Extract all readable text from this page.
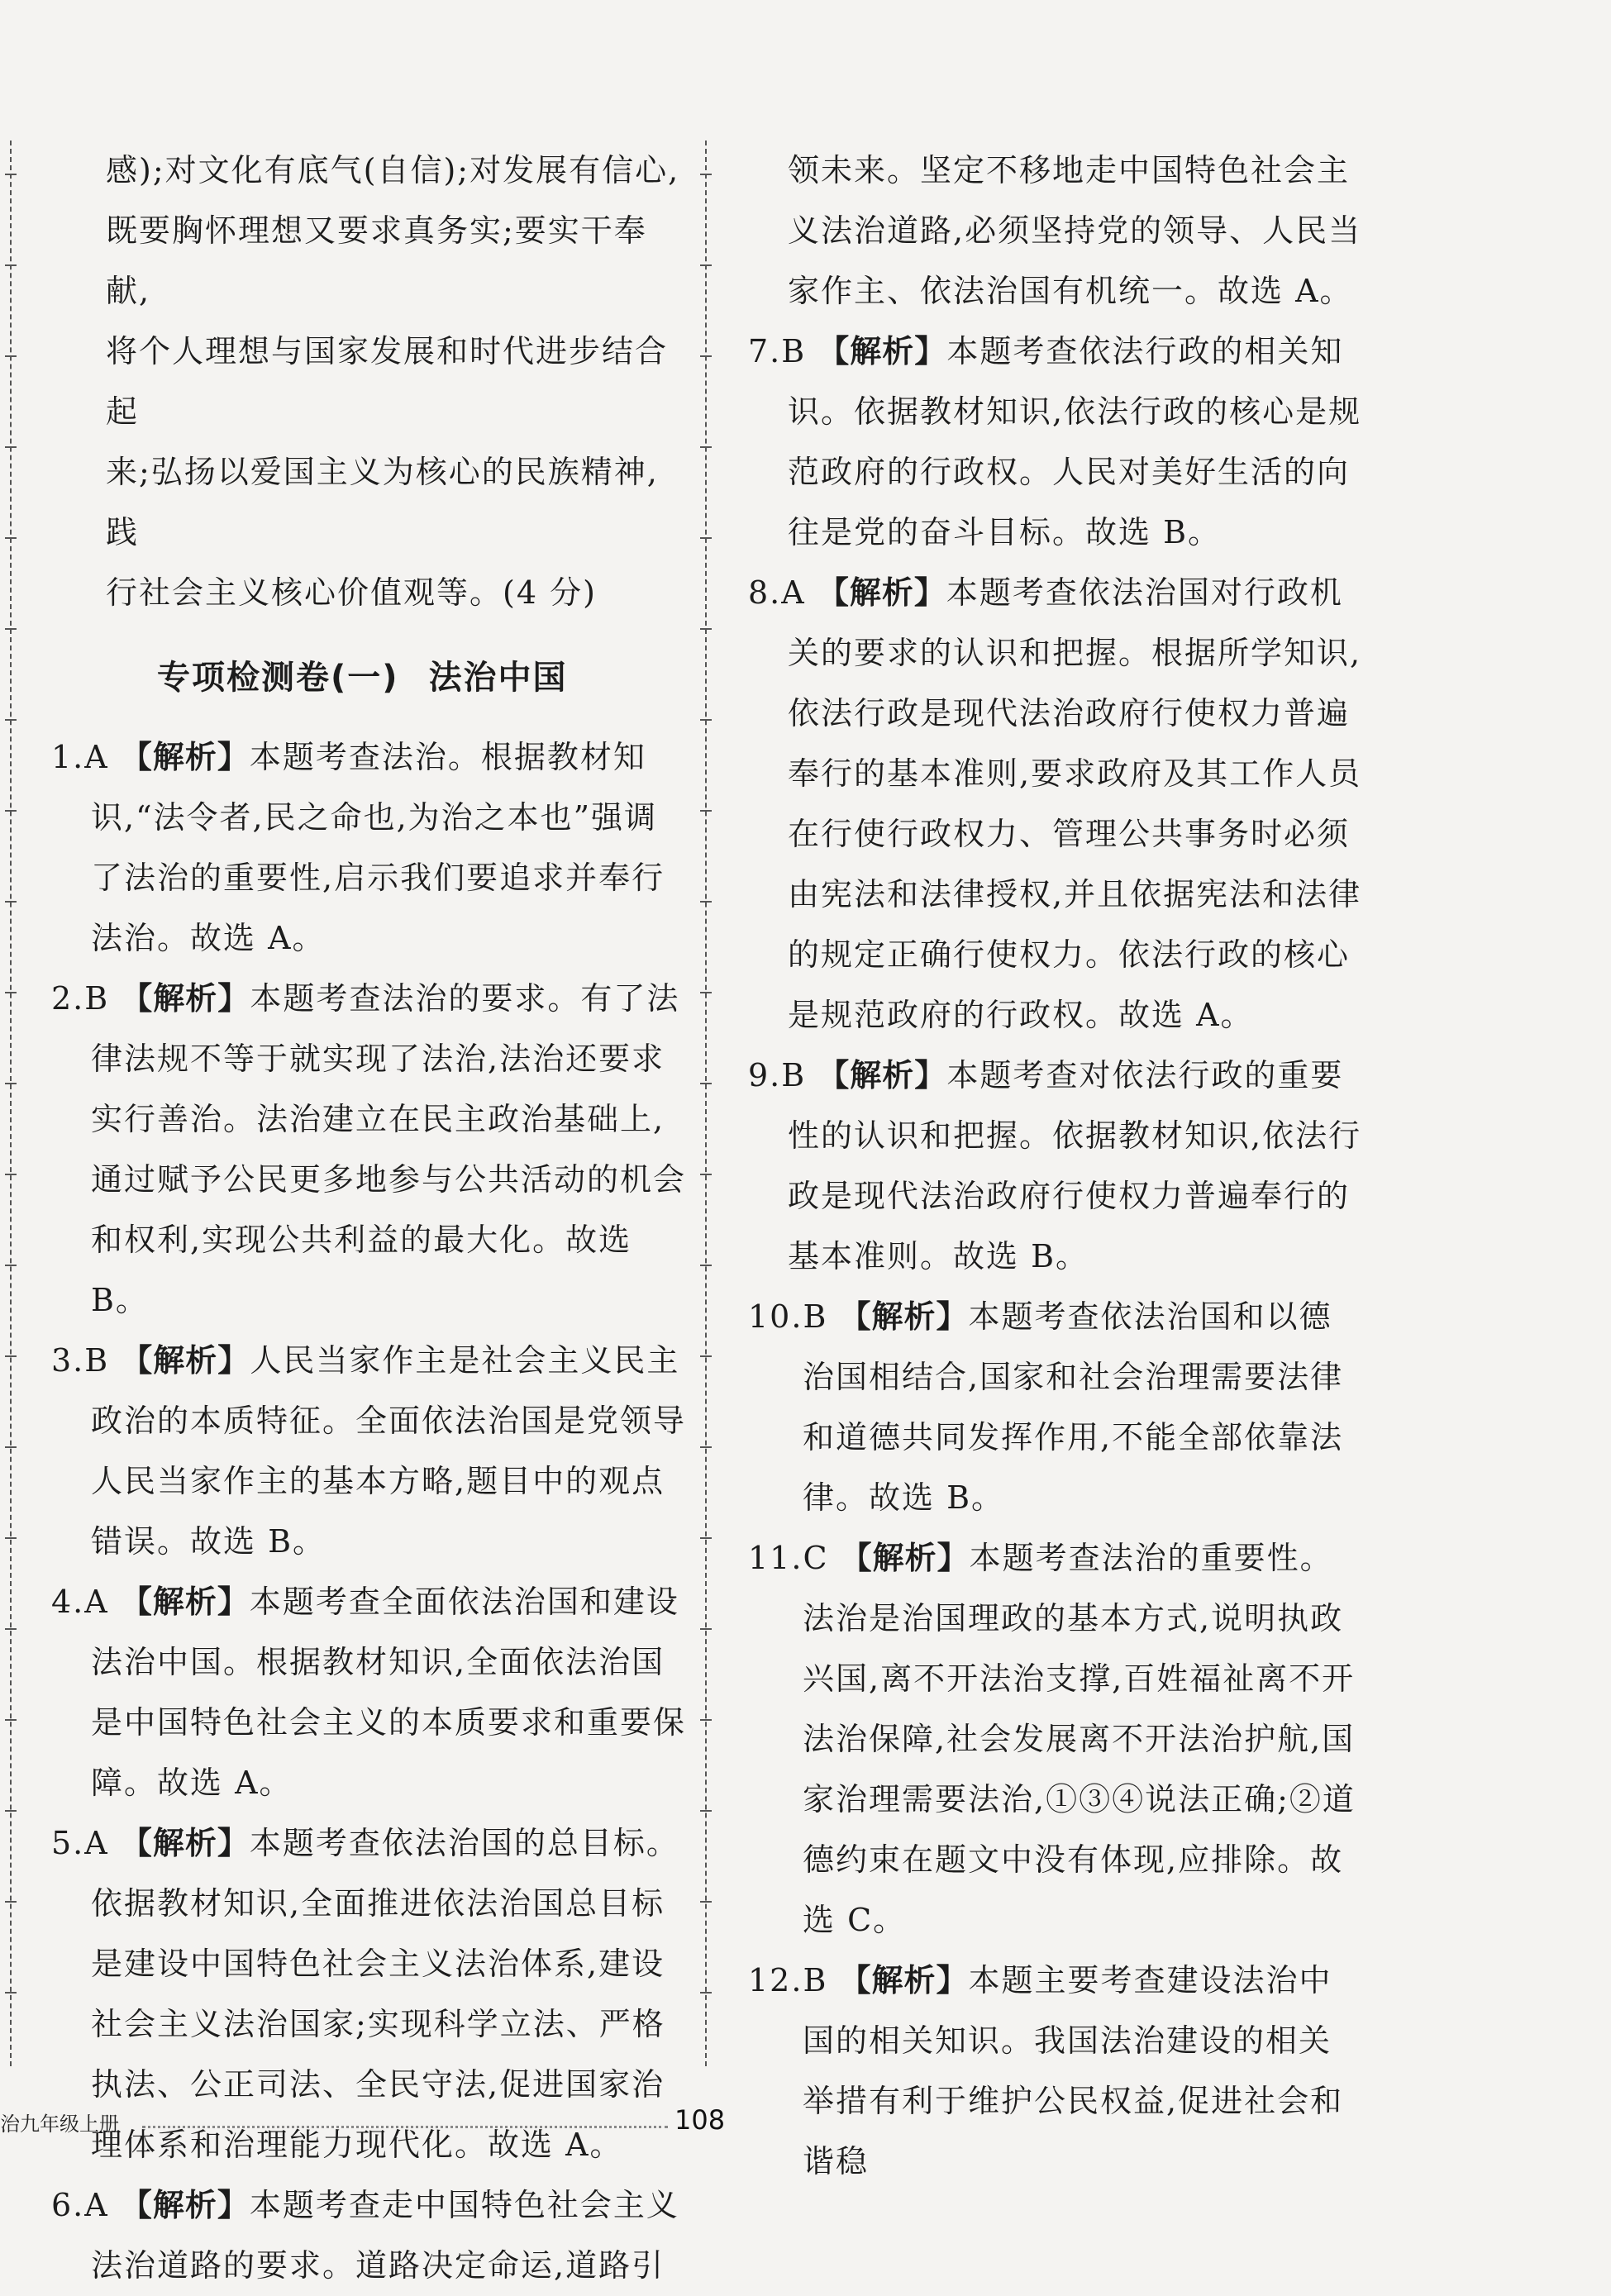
感);对文化有底气(自信);对发展有信心,
既要胸怀理想又要求真务实;要实干奉献,
将个人理想与国家发展和时代进步结合起
来;弘扬以爱国主义为核心的民族精神,践
行社会主义核心价值观等。(4 分)
专项检测卷(一) 法治中国
1.A 【解析】本题考查法治。根据教材知识,“法令者,民之命也,为治之本也”强调了法治的重要性,启示我们要追求并奉行法治。故选 A。
2.B 【解析】本题考查法治的要求。有了法律法规不等于就实现了法治,法治还要求实行善治。法治建立在民主政治基础上,通过赋予公民更多地参与公共活动的机会和权利,实现公共利益的最大化。故选 B。
3.B 【解析】人民当家作主是社会主义民主政治的本质特征。全面依法治国是党领导人民当家作主的基本方略,题目中的观点错误。故选 B。
4.A 【解析】本题考查全面依法治国和建设法治中国。根据教材知识,全面依法治国是中国特色社会主义的本质要求和重要保障。故选 A。
5.A 【解析】本题考查依法治国的总目标。依据教材知识,全面推进依法治国总目标是建设中国特色社会主义法治体系,建设社会主义法治国家;实现科学立法、严格执法、公正司法、全民守法,促进国家治理体系和治理能力现代化。故选 A。
6.A 【解析】本题考查走中国特色社会主义法治道路的要求。道路决定命运,道路引
领未来。坚定不移地走中国特色社会主义法治道路,必须坚持党的领导、人民当家作主、依法治国有机统一。故选 A。
7.B 【解析】本题考查依法行政的相关知识。依据教材知识,依法行政的核心是规范政府的行政权。人民对美好生活的向往是党的奋斗目标。故选 B。
8.A 【解析】本题考查依法治国对行政机关的要求的认识和把握。根据所学知识,依法行政是现代法治政府行使权力普遍奉行的基本准则,要求政府及其工作人员在行使行政权力、管理公共事务时必须由宪法和法律授权,并且依据宪法和法律的规定正确行使权力。依法行政的核心是规范政府的行政权。故选 A。
9.B 【解析】本题考查对依法行政的重要性的认识和把握。依据教材知识,依法行政是现代法治政府行使权力普遍奉行的基本准则。故选 B。
10.B 【解析】本题考查依法治国和以德治国相结合,国家和社会治理需要法律和道德共同发挥作用,不能全部依靠法律。故选 B。
11.C 【解析】本题考查法治的重要性。法治是治国理政的基本方式,说明执政兴国,离不开法治支撑,百姓福祉离不开法治保障,社会发展离不开法治护航,国家治理需要法治,①③④说法正确;②道德约束在题文中没有体现,应排除。故选 C。
12.B 【解析】本题主要考查建设法治中国的相关知识。我国法治建设的相关举措有利于维护公民权益,促进社会和谐稳
治九年级上册	108
